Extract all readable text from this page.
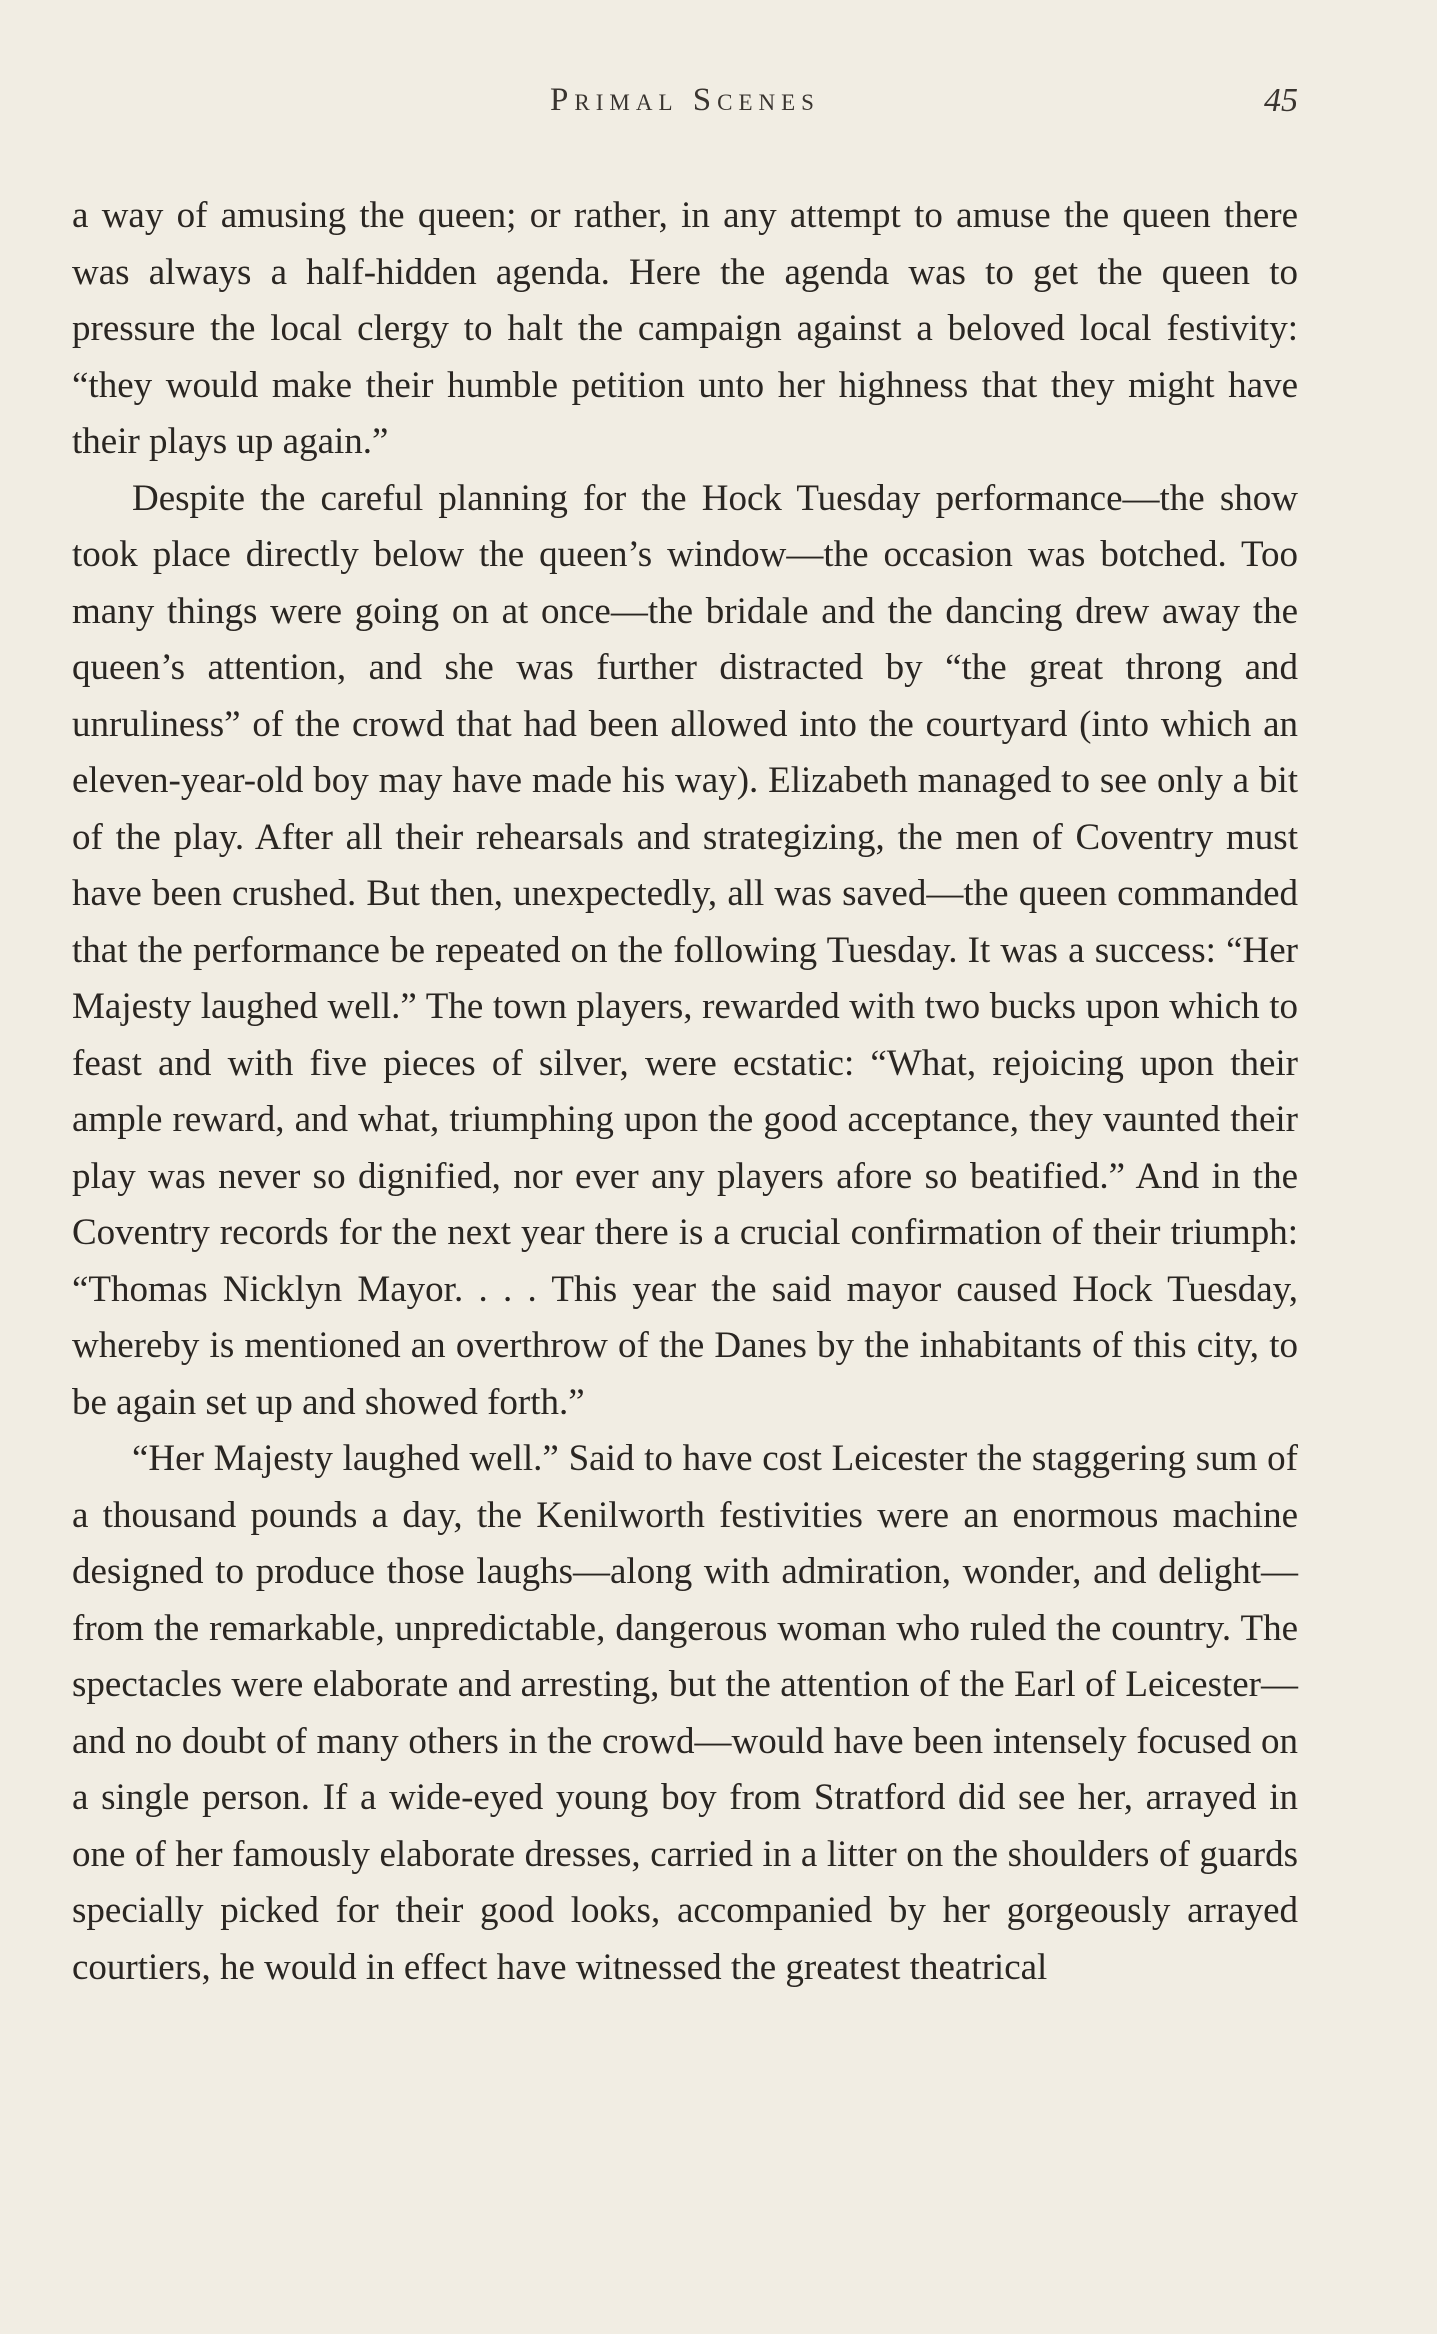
Primal Scenes	45

a way of amusing the queen; or rather, in any attempt to amuse the queen there was always a half-hidden agenda. Here the agenda was to get the queen to pressure the local clergy to halt the campaign against a beloved local festivity: “they would make their humble petition unto her highness that they might have their plays up again.”

Despite the careful planning for the Hock Tuesday performance—the show took place directly below the queen’s window—the occasion was botched. Too many things were going on at once—the bridale and the dancing drew away the queen’s attention, and she was further distracted by “the great throng and unruliness” of the crowd that had been allowed into the courtyard (into which an eleven-year-old boy may have made his way). Elizabeth managed to see only a bit of the play. After all their rehearsals and strategizing, the men of Coventry must have been crushed. But then, unexpectedly, all was saved—the queen commanded that the performance be repeated on the following Tuesday. It was a success: “Her Majesty laughed well.” The town players, rewarded with two bucks upon which to feast and with five pieces of silver, were ecstatic: “What, rejoicing upon their ample reward, and what, triumphing upon the good acceptance, they vaunted their play was never so dignified, nor ever any players afore so beatified.” And in the Coventry records for the next year there is a crucial confirmation of their triumph: “Thomas Nicklyn Mayor. . . . This year the said mayor caused Hock Tuesday, whereby is mentioned an overthrow of the Danes by the inhabitants of this city, to be again set up and showed forth.”

“Her Majesty laughed well.” Said to have cost Leicester the staggering sum of a thousand pounds a day, the Kenilworth festivities were an enormous machine designed to produce those laughs—along with admiration, wonder, and delight—from the remarkable, unpredictable, dangerous woman who ruled the country. The spectacles were elaborate and arresting, but the attention of the Earl of Leicester—and no doubt of many others in the crowd—would have been intensely focused on a single person. If a wide-eyed young boy from Stratford did see her, arrayed in one of her famously elaborate dresses, carried in a litter on the shoulders of guards specially picked for their good looks, accompanied by her gorgeously arrayed courtiers, he would in effect have witnessed the greatest theatrical
